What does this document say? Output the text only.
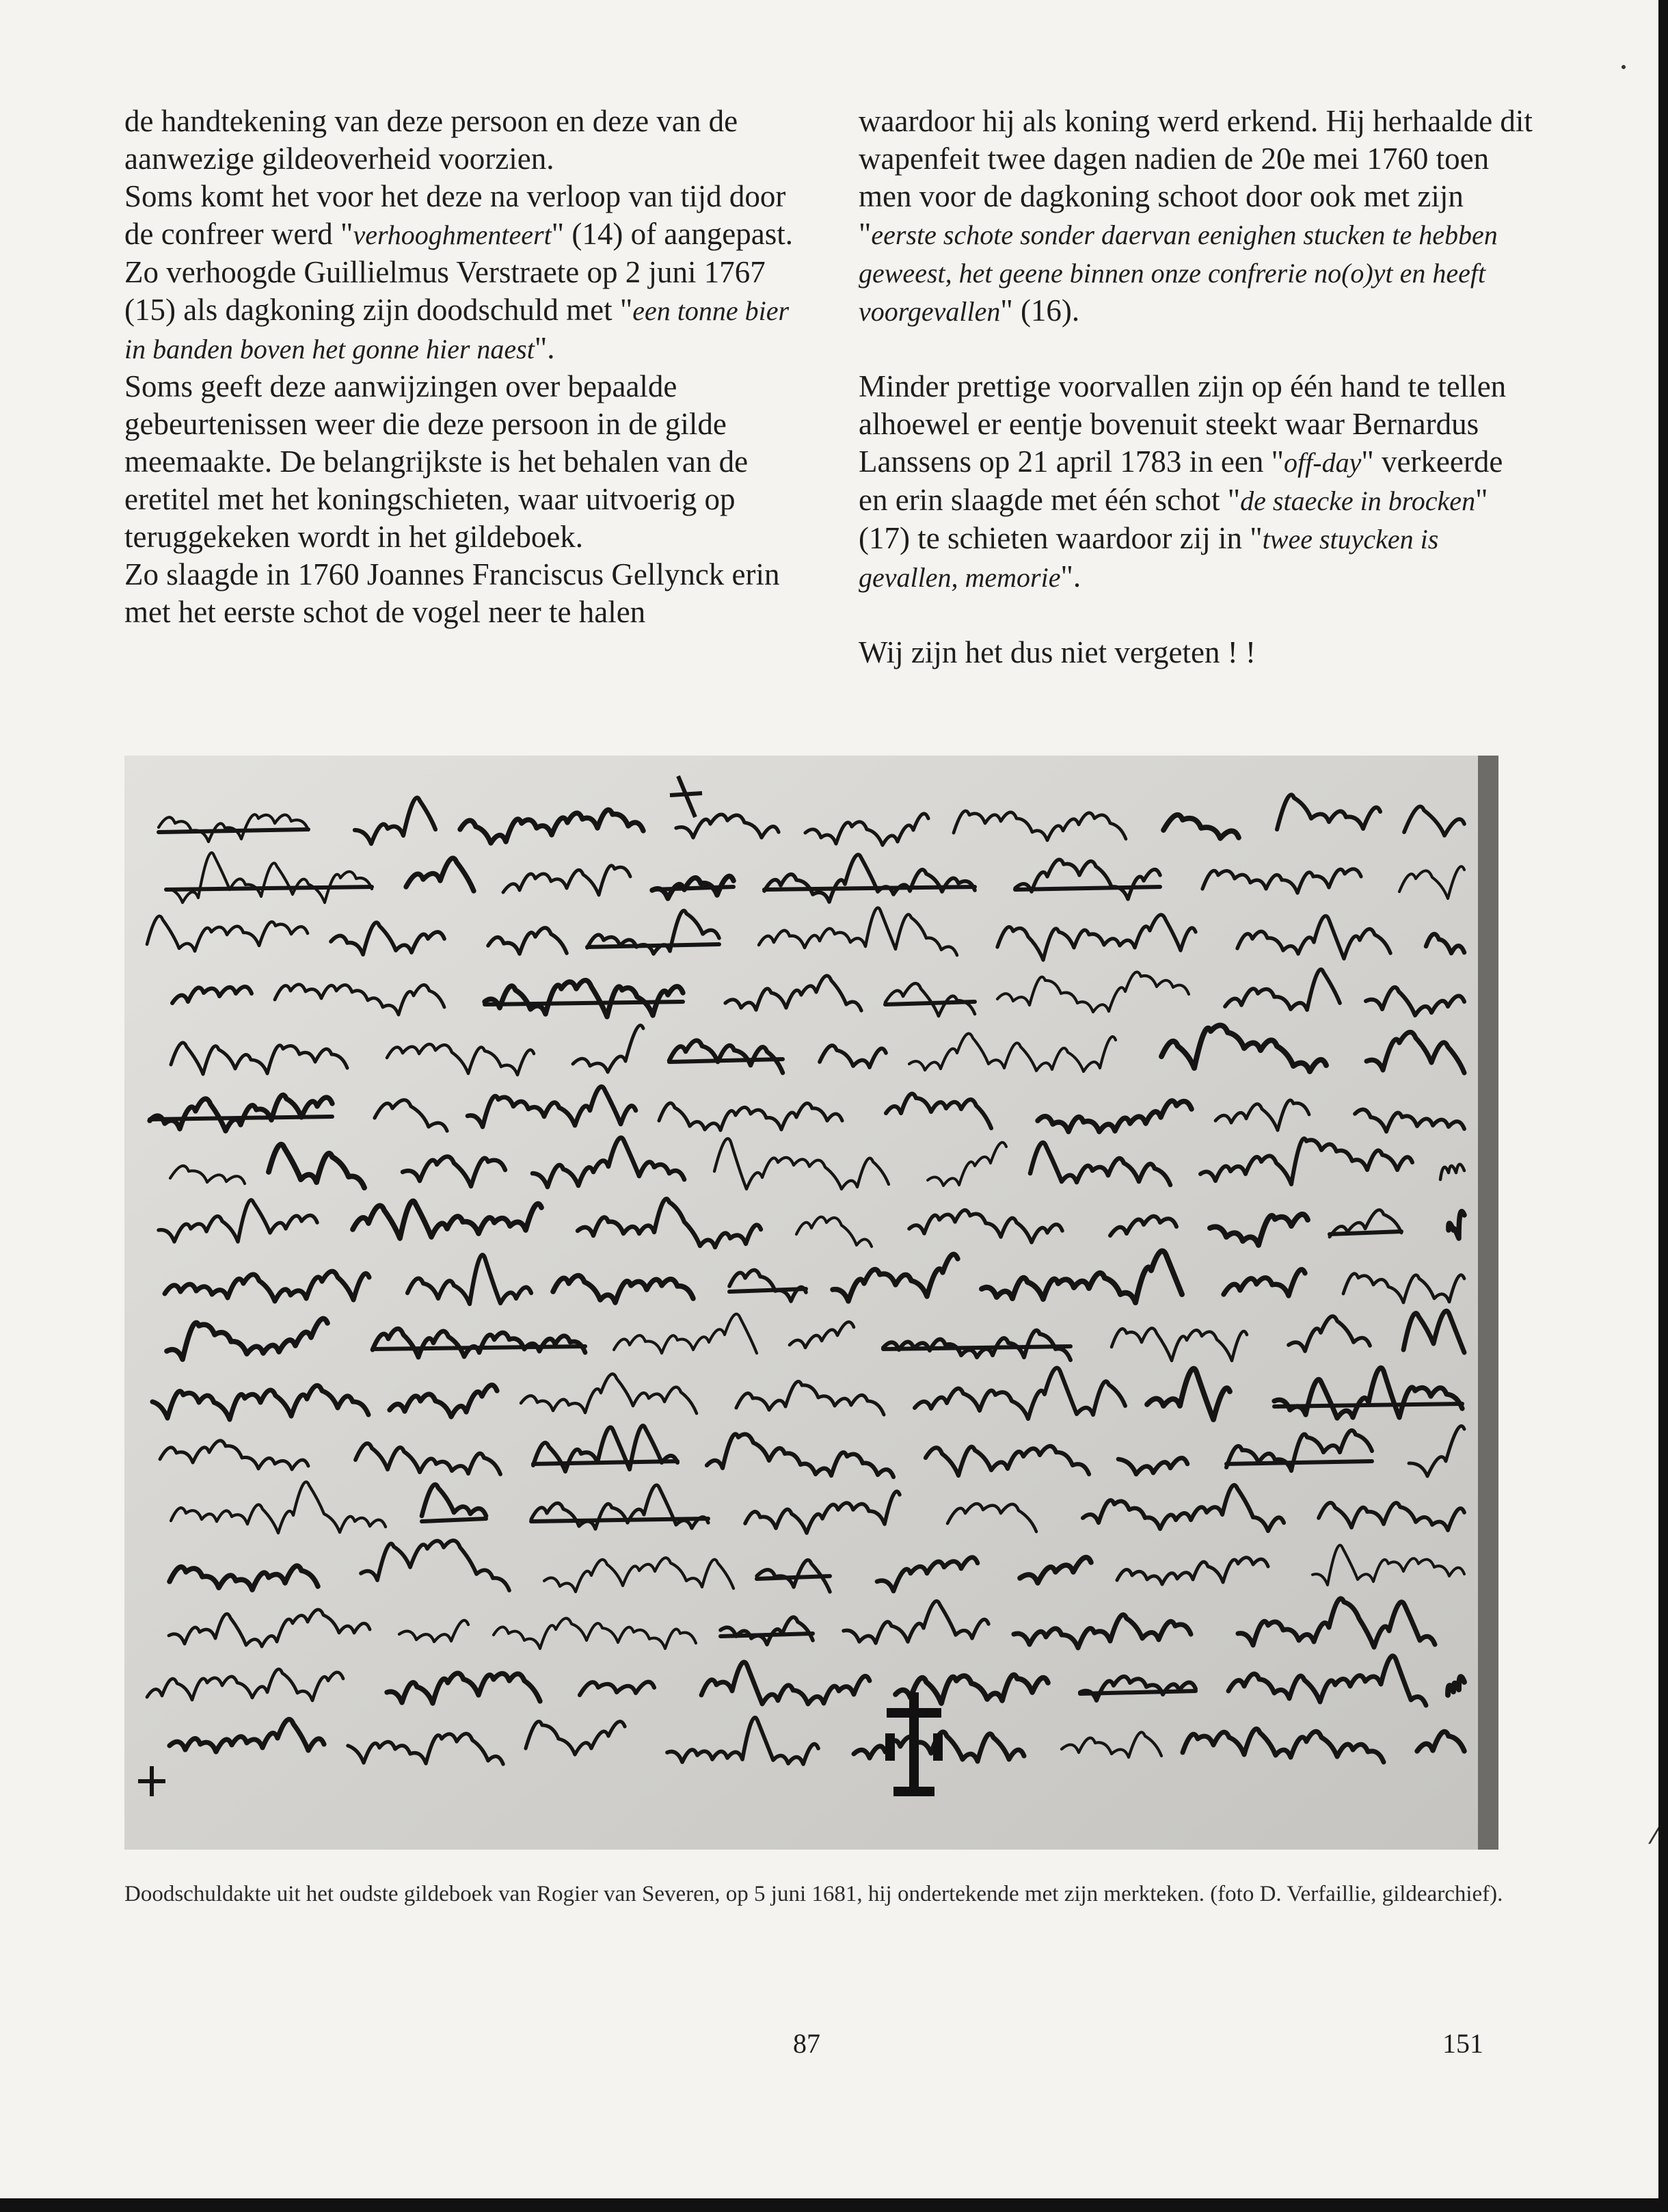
de handtekening van deze persoon en deze van de aanwezige gildeoverheid voorzien.

Soms komt het voor het deze na verloop van tijd door de confreer werd "verhooghmenteert" (14) of aangepast. Zo verhoogde Guillielmus Verstraete op 2 juni 1767 (15) als dagkoning zijn doodschuld met "een tonne bier in banden boven het gonne hier naest".

Soms geeft deze aanwijzingen over bepaalde gebeurtenissen weer die deze persoon in de gilde meemaakte. De belangrijkste is het behalen van de eretitel met het koningschieten, waar uitvoerig op teruggekeken wordt in het gildeboek.

Zo slaagde in 1760 Joannes Franciscus Gellynck erin met het eerste schot de vogel neer te halen

waardoor hij als koning werd erkend. Hij herhaalde dit wapenfeit twee dagen nadien de 20e mei 1760 toen men voor de dagkoning schoot door ook met zijn "eerste schote sonder daervan eenighen stucken te hebben geweest, het geene binnen onze confrerie no(o)yt en heeft voorgevallen" (16).

Minder prettige voorvallen zijn op één hand te tellen alhoewel er eentje bovenuit steekt waar Bernardus Lanssens op 21 april 1783 in een "off-day" verkeerde en erin slaagde met één schot "de staecke in brocken" (17) te schieten waardoor zij in "twee stuycken is gevallen, memorie".

Wij zijn het dus niet vergeten ! !

Doodschuldakte uit het oudste gildeboek van Rogier van Severen, op 5 juni 1681, hij ondertekende met zijn merkteken. (foto D. Verfaillie, gildearchief).
87	151
⁄
